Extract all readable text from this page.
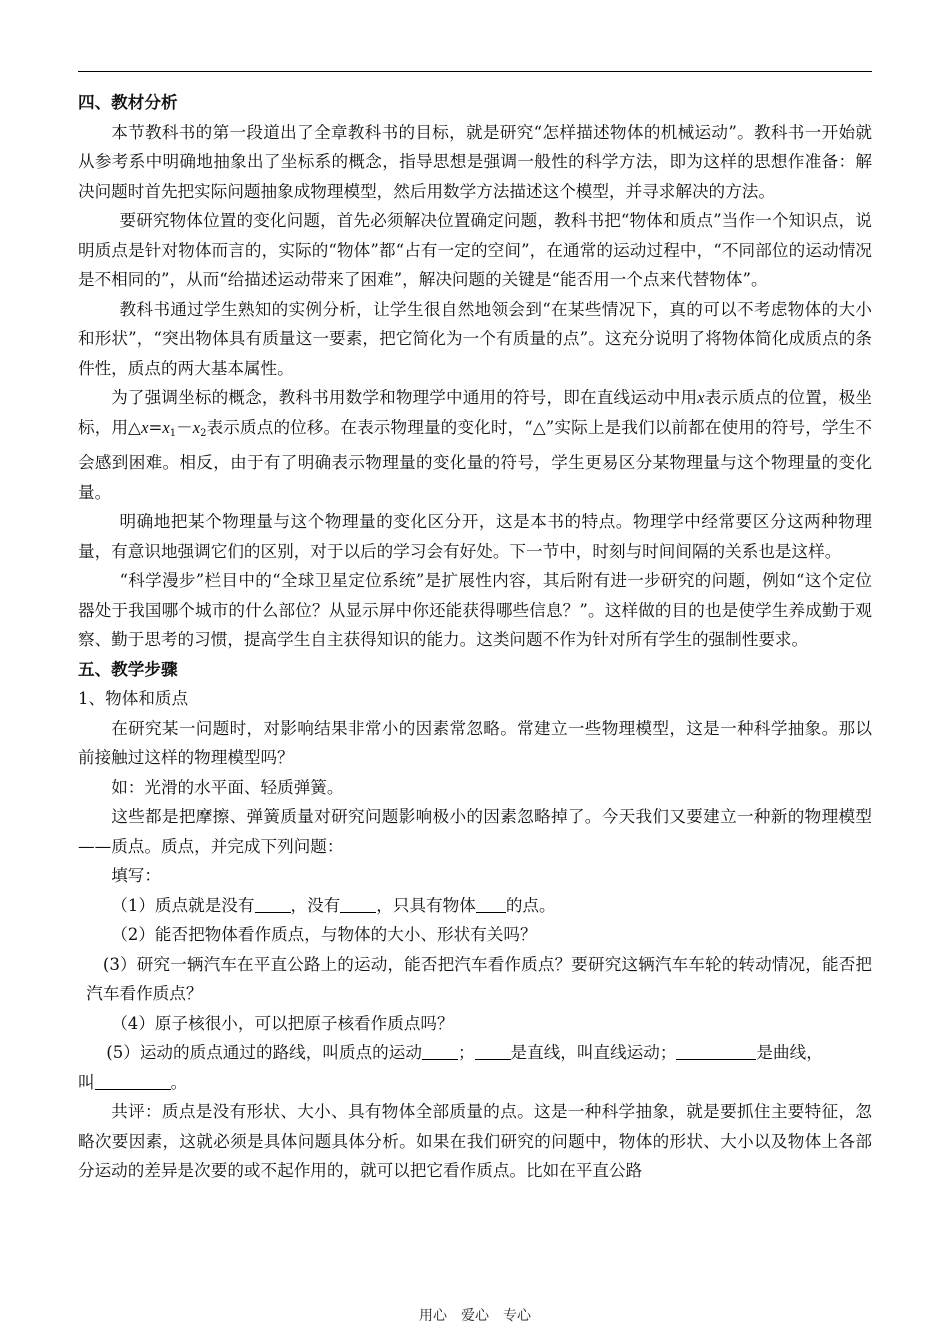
四、教材分析

本节教科书的第一段道出了全章教科书的目标，就是研究“怎样描述物体的机械运动”。教科书一开始就从参考系中明确地抽象出了坐标系的概念，指导思想是强调一般性的科学方法，即为这样的思想作准备：解决问题时首先把实际问题抽象成物理模型，然后用数学方法描述这个模型，并寻求解决的方法。

要研究物体位置的变化问题，首先必须解决位置确定问题，教科书把“物体和质点”当作一个知识点，说明质点是针对物体而言的，实际的“物体”都“占有一定的空间”，在通常的运动过程中，“不同部位的运动情况是不相同的”，从而“给描述运动带来了困难”，解决问题的关键是“能否用一个点来代替物体”。

教科书通过学生熟知的实例分析，让学生很自然地领会到“在某些情况下，真的可以不考虑物体的大小和形状”，“突出物体具有质量这一要素，把它简化为一个有质量的点”。这充分说明了将物体简化成质点的条件性，质点的两大基本属性。

为了强调坐标的概念，教科书用数学和物理学中通用的符号，即在直线运动中用x表示质点的位置，极坐标，用$\triangle x=x_1-x_2$表示质点的位移。在表示物理量的变化时，“△”实际上是我们以前都在使用的符号，学生不会感到困难。相反，由于有了明确表示物理量的变化量的符号，学生更易区分某物理量与这个物理量的变化量。

明确地把某个物理量与这个物理量的变化区分开，这是本书的特点。物理学中经常要区分这两种物理量，有意识地强调它们的区别，对于以后的学习会有好处。下一节中，时刻与时间间隔的关系也是这样。

“科学漫步”栏目中的“全球卫星定位系统”是扩展性内容，其后附有进一步研究的问题，例如“这个定位器处于我国哪个城市的什么部位？从显示屏中你还能获得哪些信息？”。这样做的目的也是使学生养成勤于观察、勤于思考的习惯，提高学生自主获得知识的能力。这类问题不作为针对所有学生的强制性要求。

五、教学步骤

1、物体和质点

在研究某一问题时，对影响结果非常小的因素常忽略。常建立一些物理模型，这是一种科学抽象。那以前接触过这样的物理模型吗？

如：光滑的水平面、轻质弹簧。

这些都是把摩擦、弹簧质量对研究问题影响极小的因素忽略掉了。今天我们又要建立一种新的物理模型——质点。质点，并完成下列问题：

填写：

（1）质点就是没有 ，没有 ，只具有物体 的点。

（2）能否把物体看作质点，与物体的大小、形状有关吗？

(3）研究一辆汽车在平直公路上的运动，能否把汽车看作质点？要研究这辆汽车车轮的转动情况，能否把汽车看作质点？

（4）原子核很小，可以把原子核看作质点吗？

(5）运动的质点通过的路线，叫质点的运动 ； 是直线，叫直线运动；	是曲线，

叫	。

共评：质点是没有形状、大小、具有物体全部质量的点。这是一种科学抽象，就是要抓住主要特征，忽略次要因素，这就必须是具体问题具体分析。如果在我们研究的问题中，物体的形状、大小以及物体上各部分运动的差异是次要的或不起作用的，就可以把它看作质点。比如在平直公路

用心　爱心　专心
